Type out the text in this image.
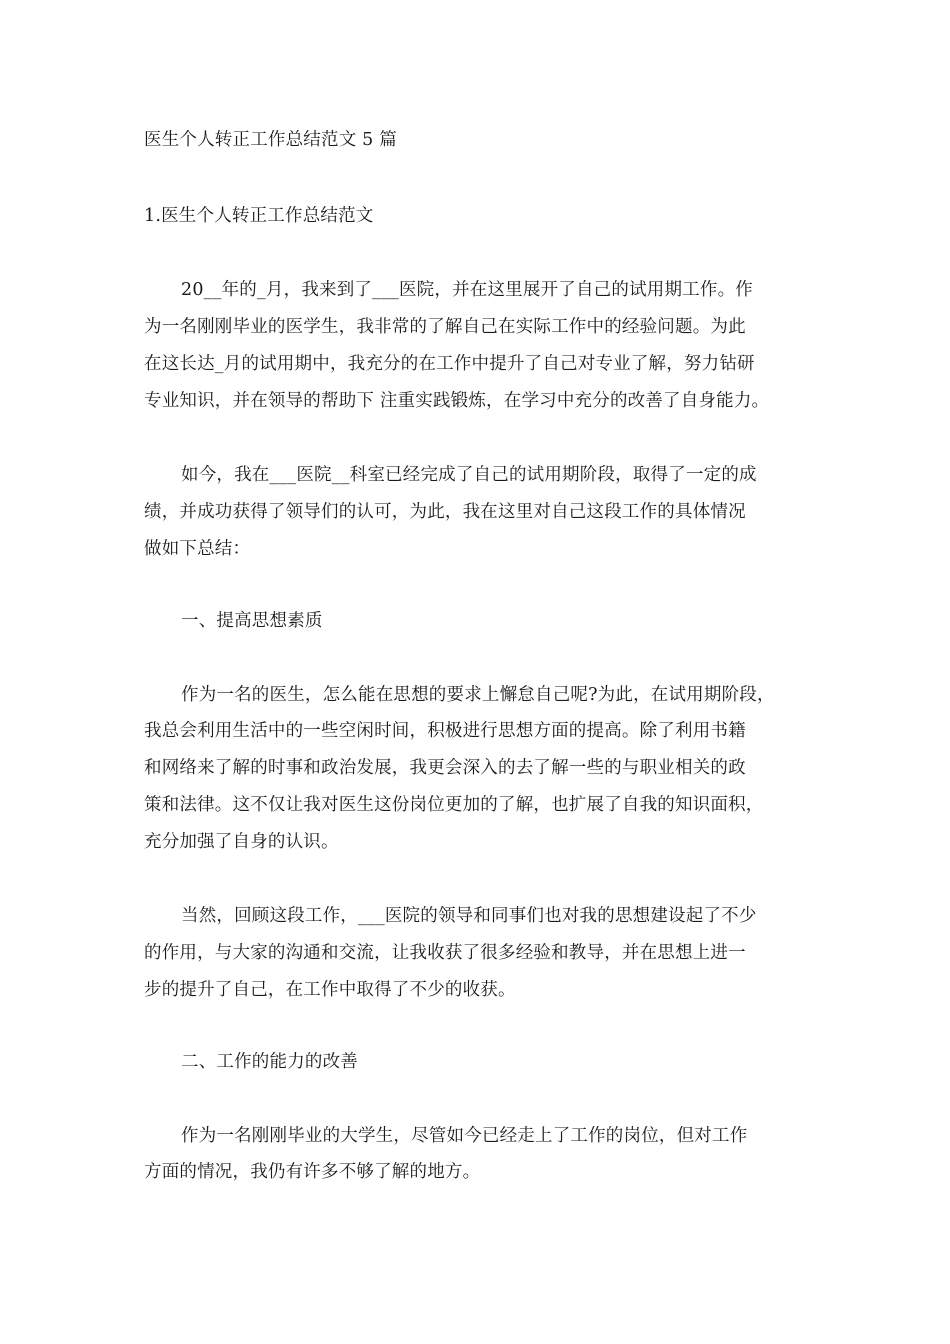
医生个人转正工作总结范文 5 篇
1.医生个人转正工作总结范文
20__年的_月，我来到了___医院，并在这里展开了自己的试用期工作。作
为一名刚刚毕业的医学生，我非常的了解自己在实际工作中的经验问题。为此
在这长达_月的试用期中，我充分的在工作中提升了自己对专业了解，努力钻研
专业知识，并在领导的帮助下 注重实践锻炼，在学习中充分的改善了自身能力。
如今，我在___医院__科室已经完成了自己的试用期阶段，取得了一定的成
绩，并成功获得了领导们的认可，为此，我在这里对自己这段工作的具体情况
做如下总结：
一、提高思想素质
作为一名的医生，怎么能在思想的要求上懈怠自己呢?为此，在试用期阶段，
我总会利用生活中的一些空闲时间，积极进行思想方面的提高。除了利用书籍
和网络来了解的时事和政治发展，我更会深入的去了解一些的与职业相关的政
策和法律。这不仅让我对医生这份岗位更加的了解，也扩展了自我的知识面积，
充分加强了自身的认识。
当然，回顾这段工作，___医院的领导和同事们也对我的思想建设起了不少
的作用，与大家的沟通和交流，让我收获了很多经验和教导，并在思想上进一
步的提升了自己，在工作中取得了不少的收获。
二、工作的能力的改善
作为一名刚刚毕业的大学生，尽管如今已经走上了工作的岗位，但对工作
方面的情况，我仍有许多不够了解的地方。
